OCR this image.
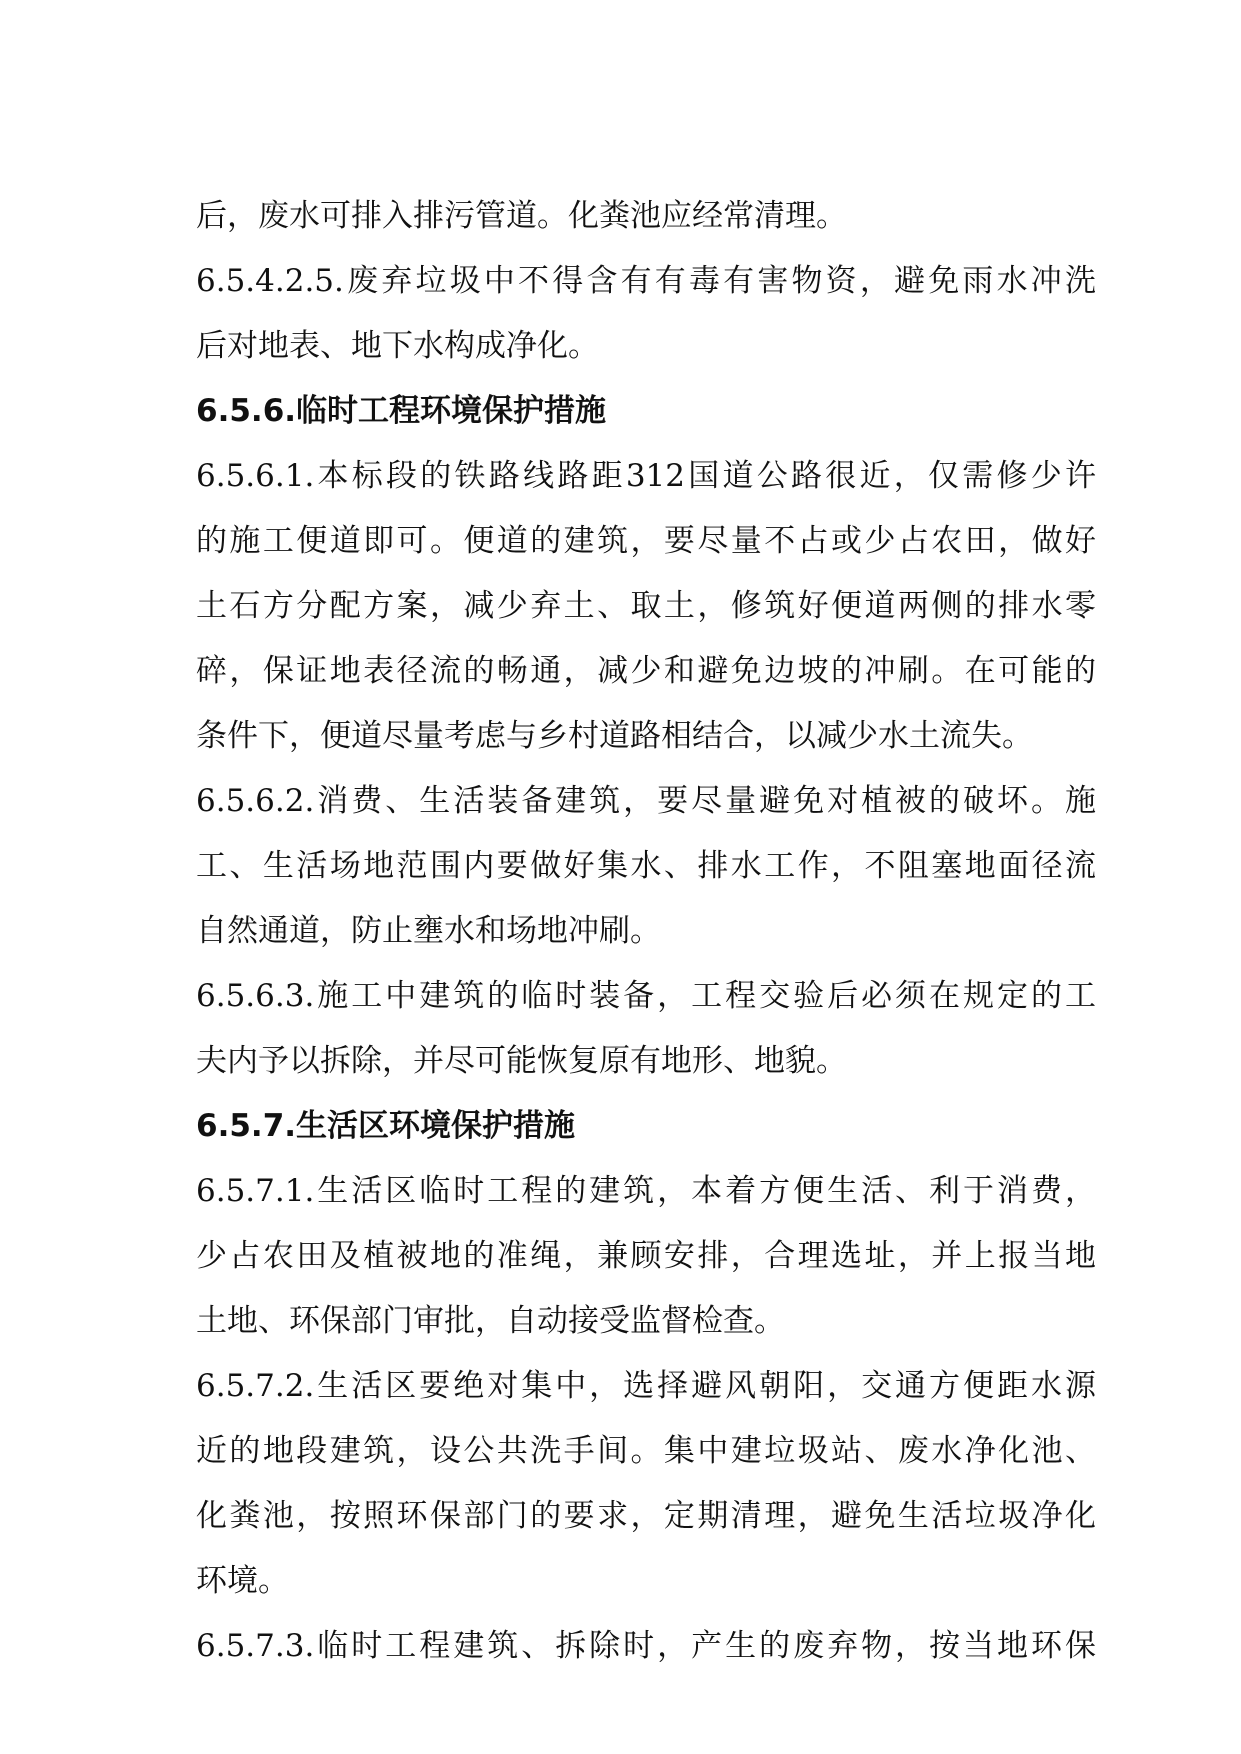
后，废水可排入排污管道。化粪池应经常清理。
6.5.4.2.5.废弃垃圾中不得含有有毒有害物资，避免雨水冲洗
后对地表、地下水构成净化。
6.5.6.临时工程环境保护措施
6.5.6.1.本标段的铁路线路距312国道公路很近，仅需修少许
的施工便道即可。便道的建筑，要尽量不占或少占农田，做好
土石方分配方案，减少弃土、取土，修筑好便道两侧的排水零
碎，保证地表径流的畅通，减少和避免边坡的冲刷。在可能的
条件下，便道尽量考虑与乡村道路相结合，以减少水土流失。
6.5.6.2.消费、生活装备建筑，要尽量避免对植被的破坏。施
工、生活场地范围内要做好集水、排水工作，不阻塞地面径流
自然通道，防止壅水和场地冲刷。
6.5.6.3.施工中建筑的临时装备，工程交验后必须在规定的工
夫内予以拆除，并尽可能恢复原有地形、地貌。
6.5.7.生活区环境保护措施
6.5.7.1.生活区临时工程的建筑，本着方便生活、利于消费，
少占农田及植被地的准绳，兼顾安排，合理选址，并上报当地
土地、环保部门审批，自动接受监督检查。
6.5.7.2.生活区要绝对集中，选择避风朝阳，交通方便距水源
近的地段建筑，设公共洗手间。集中建垃圾站、废水净化池、
化粪池，按照环保部门的要求，定期清理，避免生活垃圾净化
环境。
6.5.7.3.临时工程建筑、拆除时，产生的废弃物，按当地环保
